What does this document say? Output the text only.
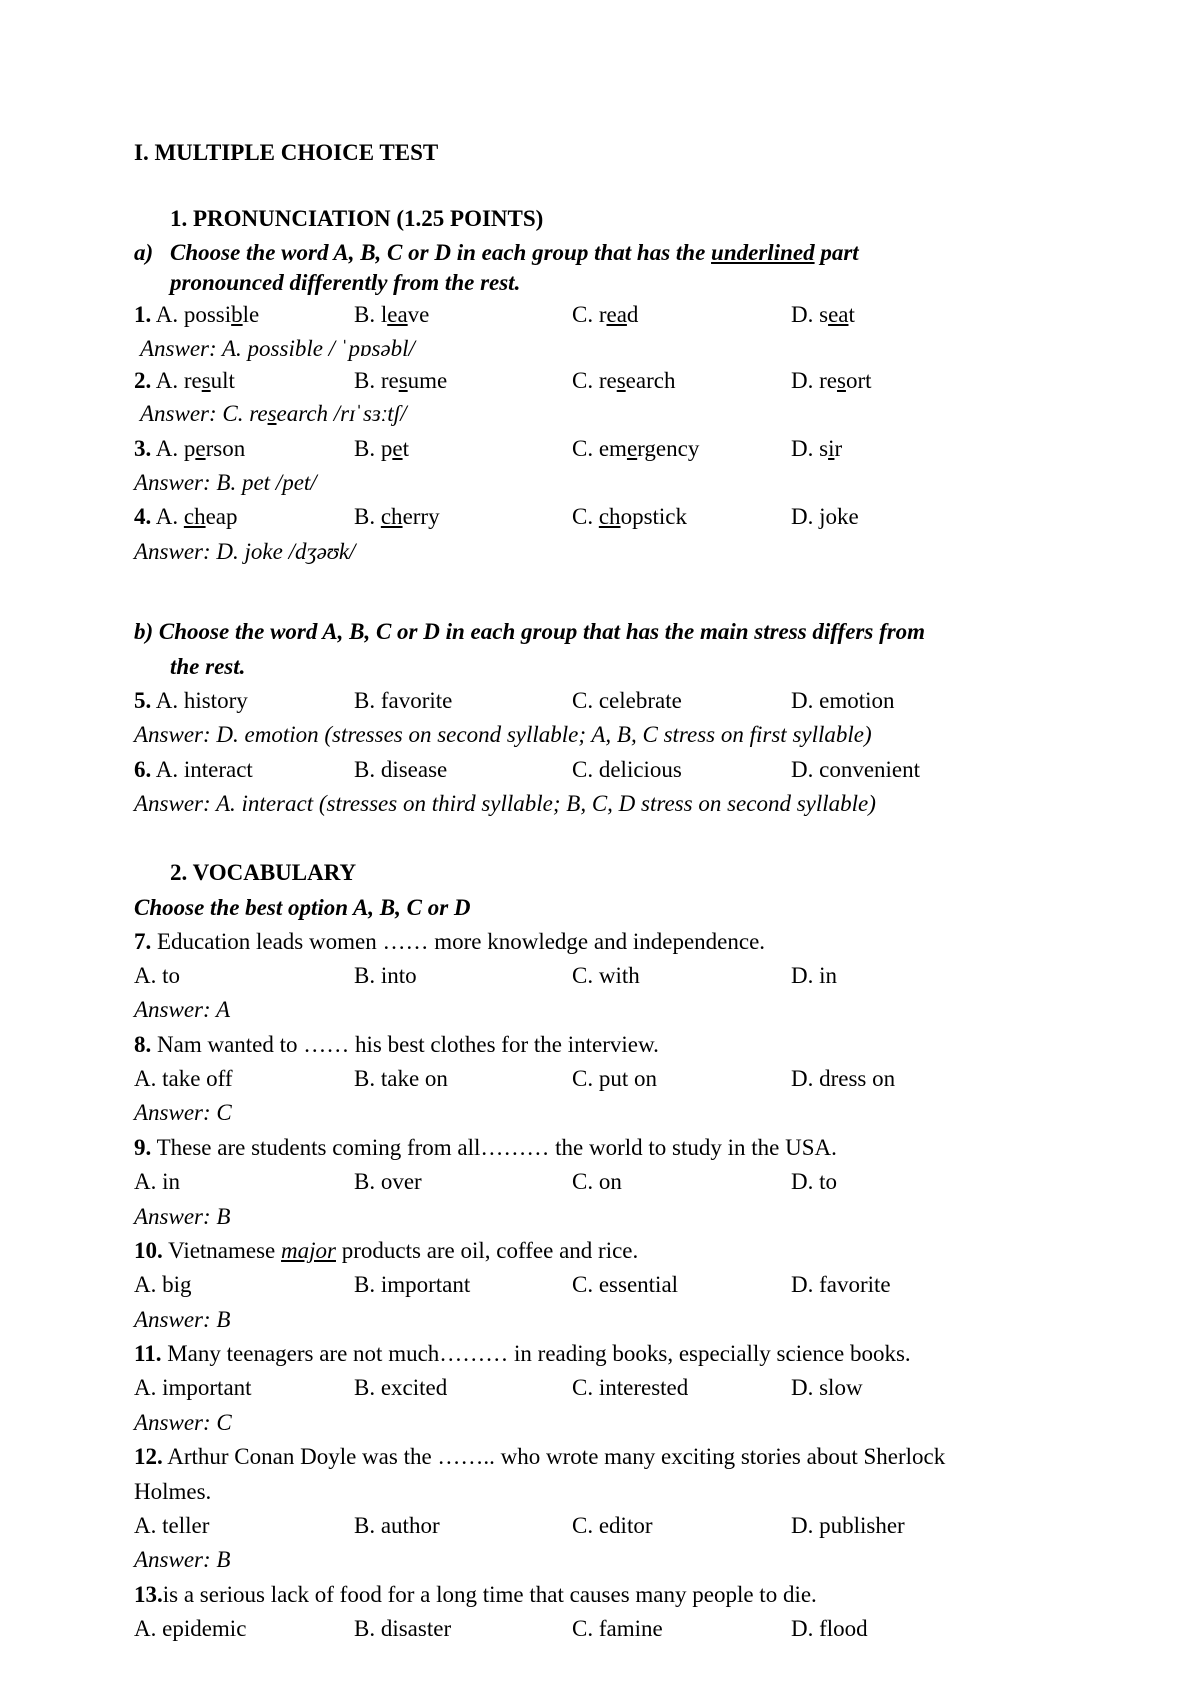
I. MULTIPLE CHOICE TEST
1. PRONUNCIATION (1.25 POINTS)
a) Choose the word A, B, C or D in each group that has the underlined part
pronounced differently from the rest.
1. A. possible	B. leave	C. read	D. seat
Answer: A. possible / ˈpɒsəbl/
2. A. result	B. resume	C. research	D. resort
Answer: C. research /rɪˈsɜːtʃ/
3. A. person	B. pet	C. emergency	D. sir
Answer: B. pet /pet/
4. A. cheap	B. cherry	C. chopstick	D. joke
Answer: D. joke /dʒəʊk/
b) Choose the word A, B, C or D in each group that has the main stress differs from
the rest.
5. A. history	B. favorite	C. celebrate	D. emotion
Answer: D. emotion (stresses on second syllable; A, B, C stress on first syllable)
6. A. interact	B. disease	C. delicious	D. convenient
Answer: A. interact (stresses on third syllable; B, C, D stress on second syllable)
2. VOCABULARY
Choose the best option A, B, C or D
7. Education leads women …… more knowledge and independence.
A. to	B. into	C. with	D. in
Answer: A
8. Nam wanted to …… his best clothes for the interview.
A. take off	B. take on	C. put on	D. dress on
Answer: C
9. These are students coming from all……… the world to study in the USA.
A. in	B. over	C. on	D. to
Answer: B
10. Vietnamese major products are oil, coffee and rice.
A. big	B. important	C. essential	D. favorite
Answer: B
11. Many teenagers are not much……… in reading books, especially science books.
A. important	B. excited	C. interested	D. slow
Answer: C
12. Arthur Conan Doyle was the …….. who wrote many exciting stories about Sherlock
Holmes.
A. teller	B. author	C. editor	D. publisher
Answer: B
13.is a serious lack of food for a long time that causes many people to die.
A. epidemic	B. disaster	C. famine	D. flood
